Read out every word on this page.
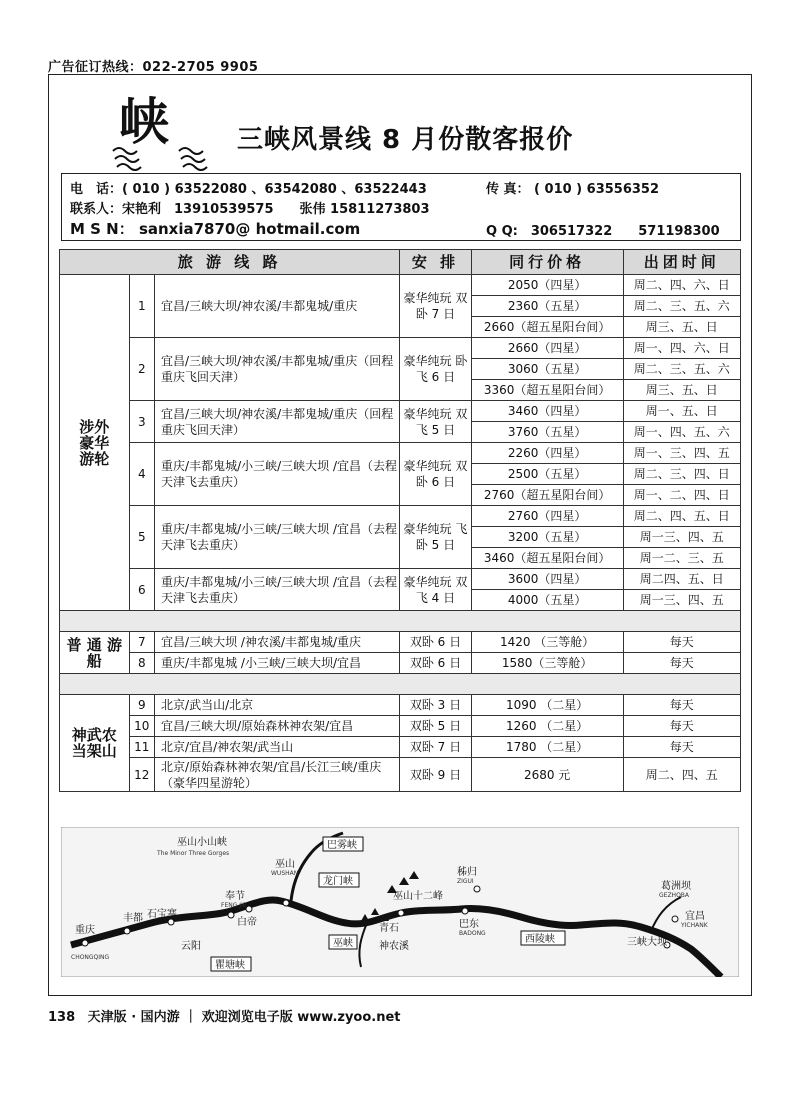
广告征订热线：022-2705 9905
峡	三峡风景线 8 月份散客报价
电　话：( 010 ) 63522080 、63542080 、63522443	传 真： ( 010 ) 63556352
联系人：宋艳利　13910539575　　张伟 15811273803
M S N： sanxia7870@ hotmail.com	Q Q:　306517322　　571198300
旅 游 线 路			安 排	同行价格	出团时间
涉外豪华游轮	1	宜昌/三峡大坝/神农溪/丰都鬼城/重庆	豪华纯玩 双卧 7 日	2050（四星）	周二、四、六、日
				2360（五星）	周二、三、五、六
				2660（超五星阳台间）	周三、五、日
	2	宜昌/三峡大坝/神农溪/丰都鬼城/重庆（回程重庆飞回天津）	豪华纯玩 卧飞 6 日	2660（四星）	周一、四、六、日
				3060（五星）	周二、三、五、六
				3360（超五星阳台间）	周三、五、日
	3	宜昌/三峡大坝/神农溪/丰都鬼城/重庆（回程重庆飞回天津）	豪华纯玩 双飞 5 日	3460（四星）	周一、五、日
				3760（五星）	周一、四、五、六
	4	重庆/丰都鬼城/小三峡/三峡大坝 /宜昌（去程天津飞去重庆）	豪华纯玩 双卧 6 日	2260（四星）	周一、三、四、五
				2500（五星）	周二、三、四、日
				2760（超五星阳台间）	周一、二、四、日
	5	重庆/丰都鬼城/小三峡/三峡大坝 /宜昌（去程天津飞去重庆）	豪华纯玩 飞卧 5 日	2760（四星）	周二、四、五、日
				3200（五星）	周一三、四、五
				3460（超五星阳台间）	周一二、三、五
	6	重庆/丰都鬼城/小三峡/三峡大坝 /宜昌（去程天津飞去重庆）	豪华纯玩 双飞 4 日	3600（四星）	周二四、五、日
				4000（五星）	周一三、四、五

普 通 游 船	7	宜昌/三峡大坝 /神农溪/丰都鬼城/重庆	双卧 6 日	1420 （三等舱）	每天
	8	重庆/丰都鬼城 /小三峡/三峡大坝/宜昌	双卧 6 日	1580（三等舱）	每天

神武农当架山	9	北京/武当山/北京	双卧 3 日	1090 （二星）	每天
	10	宜昌/三峡大坝/原始森林神农架/宜昌	双卧 5 日	1260 （二星）	每天
	11	北京/宜昌/神农架/武当山	双卧 7 日	1780 （二星）	每天
	12	北京/原始森林神农架/宜昌/长江三峡/重庆（豪华四星游轮）	双卧 9 日	2680 元	周二、四、五
巫山小山峡
The Minor Three Gorges
巴雾峡
巫山
WUSHAN
龙门峡
巫山十二峰
秭归
ZIGUI	葛洲坝
GEZHOBA
宜昌
YICHANK
奉节
FENG JIE
丰都 石宝寨
白帝
青石	巴东
BADONG
重庆
CHONGQING
云阳	巫峡	神农溪
西陵峡	三峡大坝
瞿塘峡
138 天津版 · 国内游 ｜ 欢迎浏览电子版 www.zyoo.net
